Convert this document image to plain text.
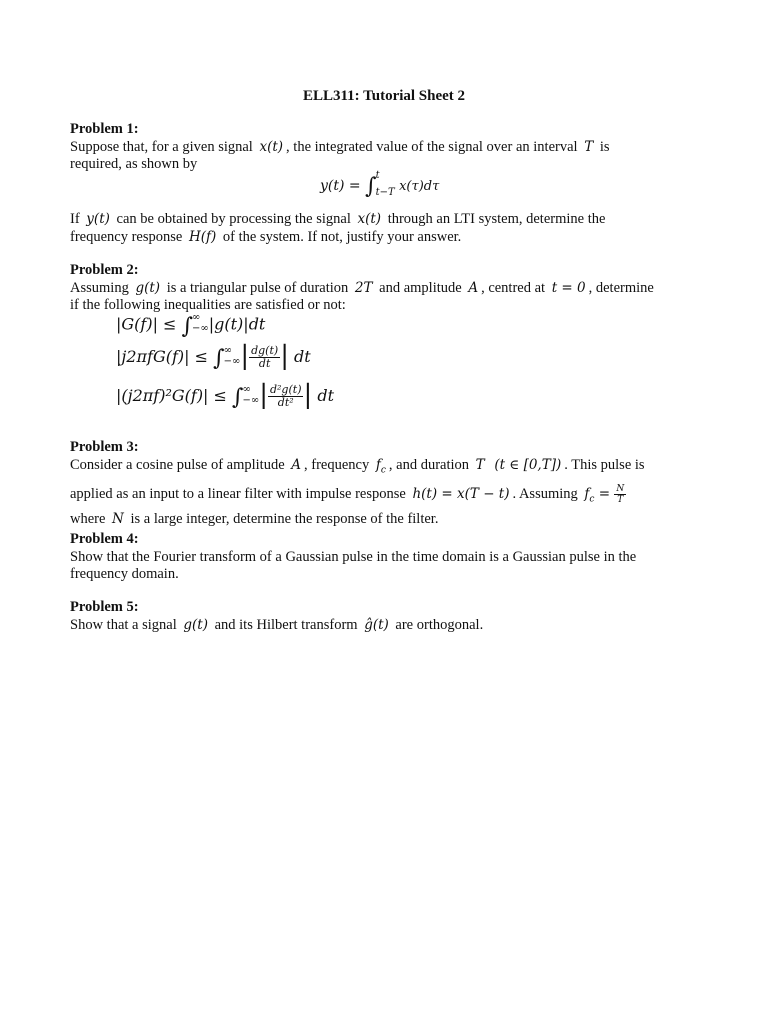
ELL311: Tutorial Sheet 2
Problem 1:
Suppose that, for a given signal x(t) , the integrated value of the signal over an interval T is
required, as shown by
y(t) = ∫ t
t−T x(τ)dτ
If y(t) can be obtained by processing the signal x(t) through an LTI system, determine the
frequency response H(f) of the system. If not, justify your answer.
Problem 2:
Assuming g(t) is a triangular pulse of duration 2T and amplitude A , centred at t = 0 , determine
if the following inequalities are satisfied or not:
|G(f)| ≤ ∫ ∞
−∞ |g(t)|dt
|j2πfG(f)| ≤ ∫ ∞
−∞ | $\frac{dg(t)}{dt}$ | dt
|(j2πf)²G(f)| ≤ ∫ ∞
−∞ | $\frac{\text{d²g(t)}}{\text{dt²}}$ | dt
Problem 3:
Consider a cosine pulse of amplitude A , frequency $f_c$ , and duration T (t ∈ [0,T]) . This pulse is
applied as an input to a linear filter with impulse response h(t) = x(T − t) . Assuming $f_c = \frac{N}{T}$
where N is a large integer, determine the response of the filter.
Problem 4:
Show that the Fourier transform of a Gaussian pulse in the time domain is a Gaussian pulse in the
frequency domain.
Problem 5:
Show that a signal g(t) and its Hilbert transform ĝ(t) are orthogonal.
